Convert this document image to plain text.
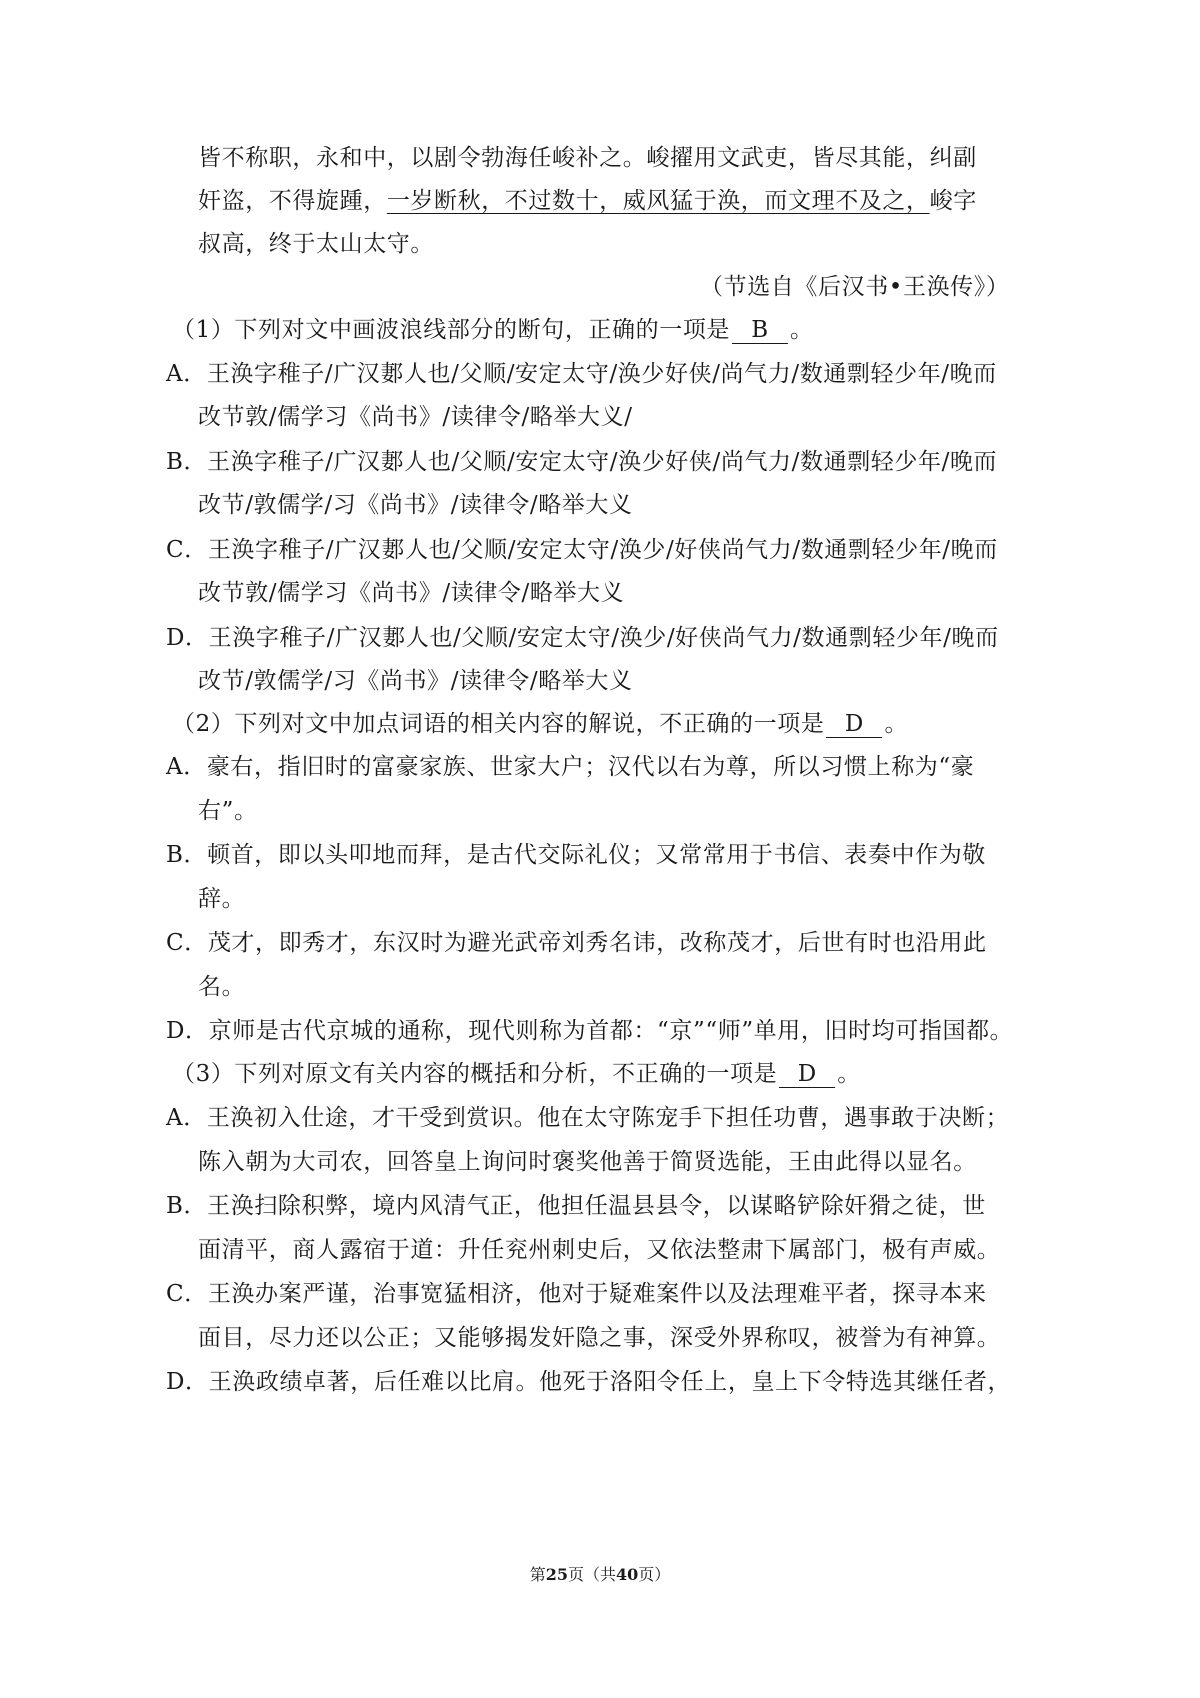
皆不称职，永和中，以剧令勃海任峻补之。峻擢用文武吏，皆尽其能，纠副
奸盗，不得旋踵，一岁断秋，不过数十，威风猛于涣，而文理不及之，峻字
叔高，终于太山太守。
（节选自《后汉书•王涣传》）
（1）下列对文中画波浪线部分的断句，正确的一项是 B 。
A．王涣字稚子/广汉郪人也/父顺/安定太守/涣少好侠/尚气力/数通剽轻少年/晚而
改节敦/儒学习《尚书》/读律令/略举大义/
B．王涣字稚子/广汉郪人也/父顺/安定太守/涣少好侠/尚气力/数通剽轻少年/晚而
改节/敦儒学/习《尚书》/读律令/略举大义
C．王涣字稚子/广汉郪人也/父顺/安定太守/涣少/好侠尚气力/数通剽轻少年/晚而
改节敦/儒学习《尚书》/读律令/略举大义
D．王涣字稚子/广汉郪人也/父顺/安定太守/涣少/好侠尚气力/数通剽轻少年/晚而
改节/敦儒学/习《尚书》/读律令/略举大义
（2）下列对文中加点词语的相关内容的解说，不正确的一项是 D 。
A．豪右，指旧时的富豪家族、世家大户；汉代以右为尊，所以习惯上称为“豪
右”。
B．顿首，即以头叩地而拜，是古代交际礼仪；又常常用于书信、表奏中作为敬
辞。
C．茂才，即秀才，东汉时为避光武帝刘秀名讳，改称茂才，后世有时也沿用此
名。
D．京师是古代京城的通称，现代则称为首都：“京”“师”单用，旧时均可指国都。
（3）下列对原文有关内容的概括和分析，不正确的一项是 D 。
A．王涣初入仕途，才干受到赏识。他在太守陈宠手下担任功曹，遇事敢于决断；
陈入朝为大司农，回答皇上询问时褒奖他善于简贤选能，王由此得以显名。
B．王涣扫除积弊，境内风清气正，他担任温县县令，以谋略铲除奸猾之徒，世
面清平，商人露宿于道：升任兖州刺史后，又依法整肃下属部门，极有声威。
C．王涣办案严谨，治事宽猛相济，他对于疑难案件以及法理难平者，探寻本来
面目，尽力还以公正；又能够揭发奸隐之事，深受外界称叹，被誉为有神算。
D．王涣政绩卓著，后任难以比肩。他死于洛阳令任上，皇上下令特选其继任者，
第25页（共40页）
